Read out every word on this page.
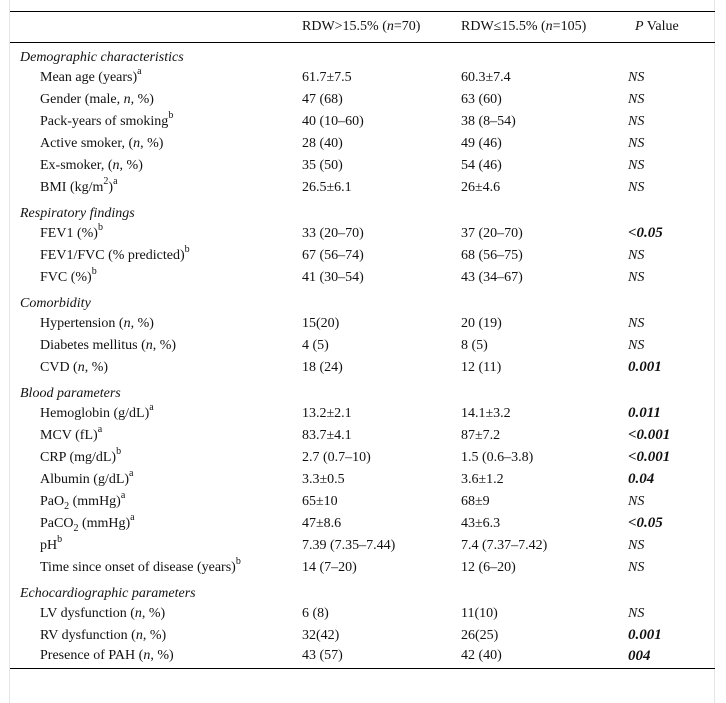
	RDW>15.5% (n=70)	RDW≤15.5% (n=105)	P Value
Demographic characteristics			
Mean age (years)$^a$	61.7±7.5	60.3±7.4	NS
Gender (male, n, %)	47 (68)	63 (60)	NS
Pack-years of smoking$^b$	40 (10–60)	38 (8–54)	NS
Active smoker, (n, %)	28 (40)	49 (46)	NS
Ex-smoker, (n, %)	35 (50)	54 (46)	NS
BMI $(kg/m^2)^a$	26.5±6.1	26±4.6	NS
Respiratory findings			
FEV1 (%)$^b$	33 (20–70)	37 (20–70)	<0.05
FEV1/FVC (% predicted)$^b$	67 (56–74)	68 (56–75)	NS
FVC (%)$^b$	41 (30–54)	43 (34–67)	NS
Comorbidity			
Hypertension (n, %)	15(20)	20 (19)	NS
Diabetes mellitus (n, %)	4 (5)	8 (5)	NS
CVD (n, %)	18 (24)	12 (11)	0.001
Blood parameters			
Hemoglobin $(g/dL)^a$	13.2±2.1	14.1±3.2	0.011
MCV (fL)$^a$	83.7±4.1	87±7.2	<0.001
CRP $(mg/dL)^b$	2.7 (0.7–10)	1.5 (0.6–3.8)	<0.001
Albumin $(g/dL)^a$	3.3±0.5	3.6±1.2	0.04
PaO$_2$ (mmHg)$^a$	65±10	68±9	NS
PaCO$_2$ (mmHg)$^a$	47±8.6	43±6.3	<0.05
$pH^b$	7.39 (7.35–7.44)	7.4 (7.37–7.42)	NS
Time since onset of disease (years)$^b$	14 (7–20)	12 (6–20)	NS
Echocardiographic parameters			
LV dysfunction (n, %)	6 (8)	11(10)	NS
RV dysfunction (n, %)	32(42)	26(25)	0.001
Presence of PAH (n, %)	43 (57)	42 (40)	004
